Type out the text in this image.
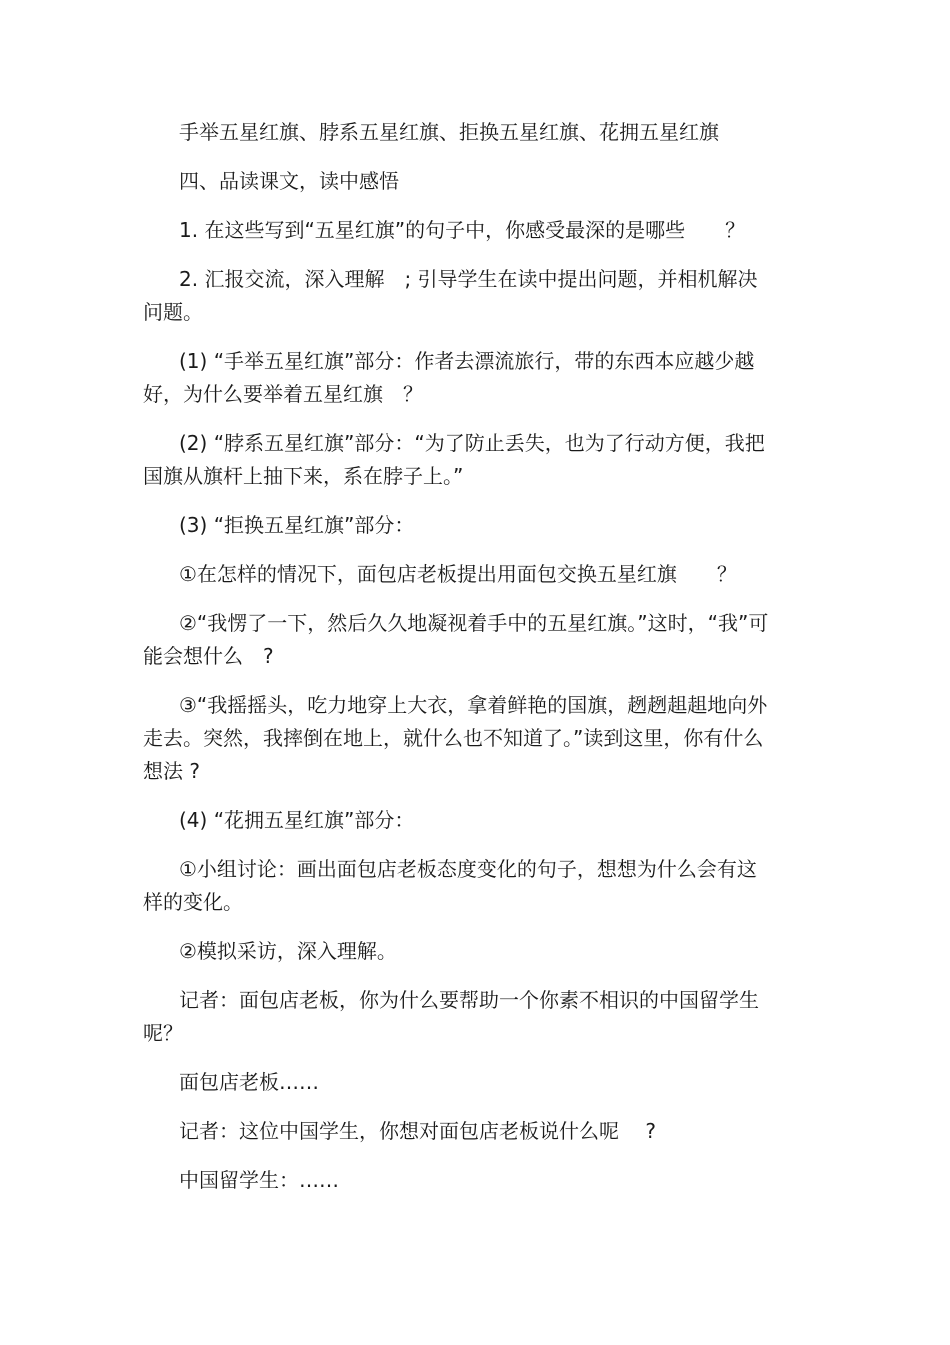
手举五星红旗、脖系五星红旗、拒换五星红旗、花拥五星红旗

四、品读课文，读中感悟

1. 在这些写到“五星红旗”的句子中，你感受最深的是哪些　　？

2. 汇报交流，深入理解　; 引导学生在读中提出问题，并相机解决问题。

(1) “手举五星红旗”部分：作者去漂流旅行，带的东西本应越少越好，为什么要举着五星红旗　？

(2) “脖系五星红旗”部分：“为了防止丢失，也为了行动方便，我把国旗从旗杆上抽下来，系在脖子上。”

(3) “拒换五星红旗”部分：

①在怎样的情况下，面包店老板提出用面包交换五星红旗　　？

②“我愣了一下，然后久久地凝视着手中的五星红旗。”这时，“我”可能会想什么　?

③“我摇摇头，吃力地穿上大衣，拿着鲜艳的国旗，趔趔趄趄地向外走去。突然，我摔倒在地上，就什么也不知道了。”读到这里，你有什么想法 ?

(4) “花拥五星红旗”部分：

①小组讨论：画出面包店老板态度变化的句子，想想为什么会有这样的变化。

②模拟采访，深入理解。

记者：面包店老板，你为什么要帮助一个你素不相识的中国留学生呢？

面包店老板……

记者：这位中国学生，你想对面包店老板说什么呢　 ?

中国留学生：……
